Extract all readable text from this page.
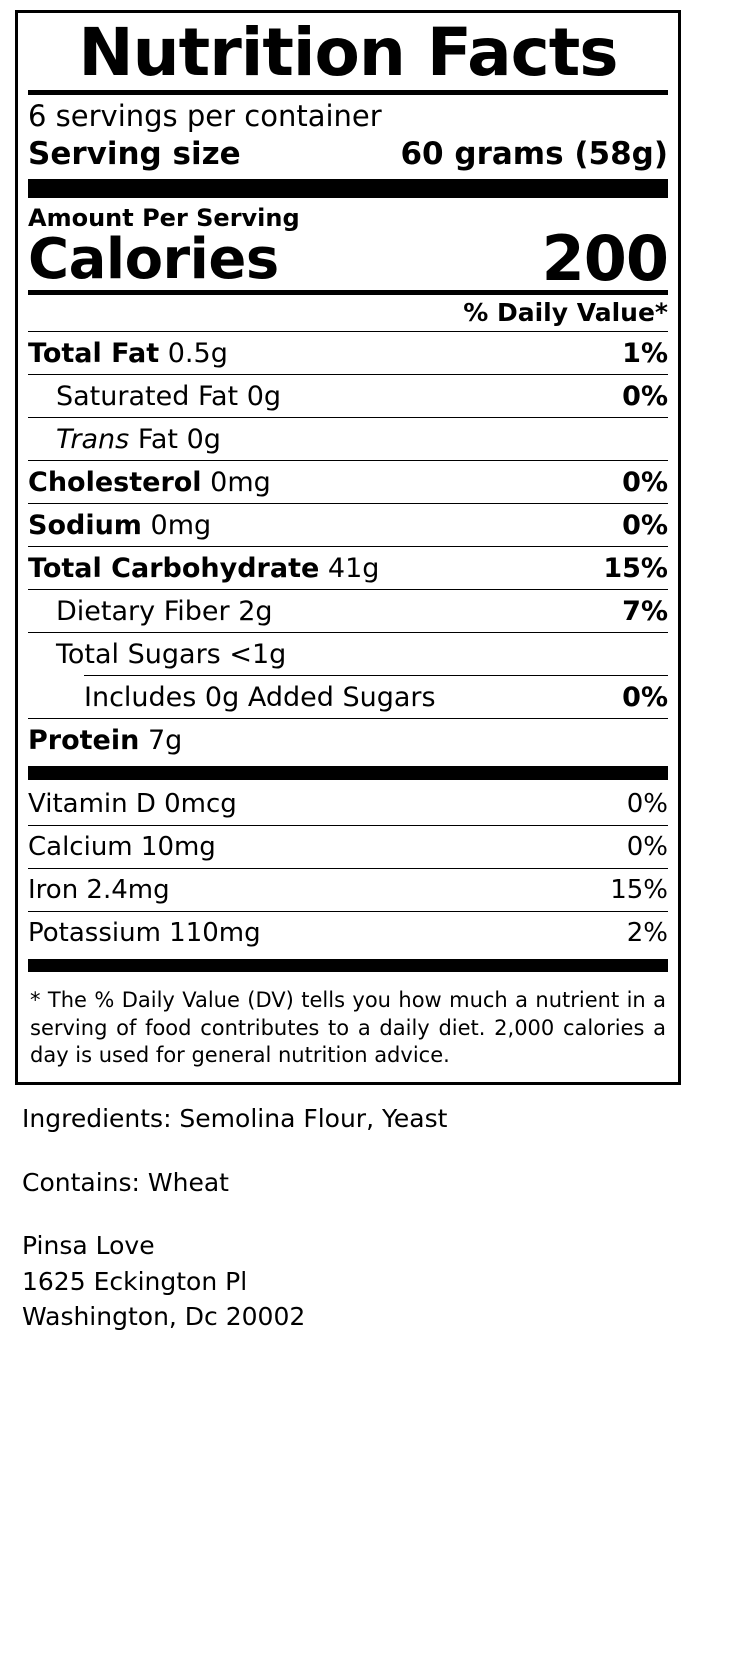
Nutrition Facts
6 servings per container
Serving size	60 grams (58g)
Amount Per Serving
Calories	200
% Daily Value*
Total Fat 0.5g	1%
Saturated Fat 0g	0%
Trans Fat 0g
Cholesterol 0mg	0%
Sodium 0mg	0%
Total Carbohydrate 41g	15%
Dietary Fiber 2g	7%
Total Sugars <1g
Includes 0g Added Sugars	0%
Protein 7g
Vitamin D 0mcg	0%
Calcium 10mg	0%
Iron 2.4mg	15%
Potassium 110mg	2%
* The % Daily Value (DV) tells you how much a nutrient in a serving of food contributes to a daily diet. 2,000 calories a day is used for general nutrition advice.

Ingredients: Semolina Flour, Yeast

Contains: Wheat

Pinsa Love
1625 Eckington Pl
Washington, Dc 20002
